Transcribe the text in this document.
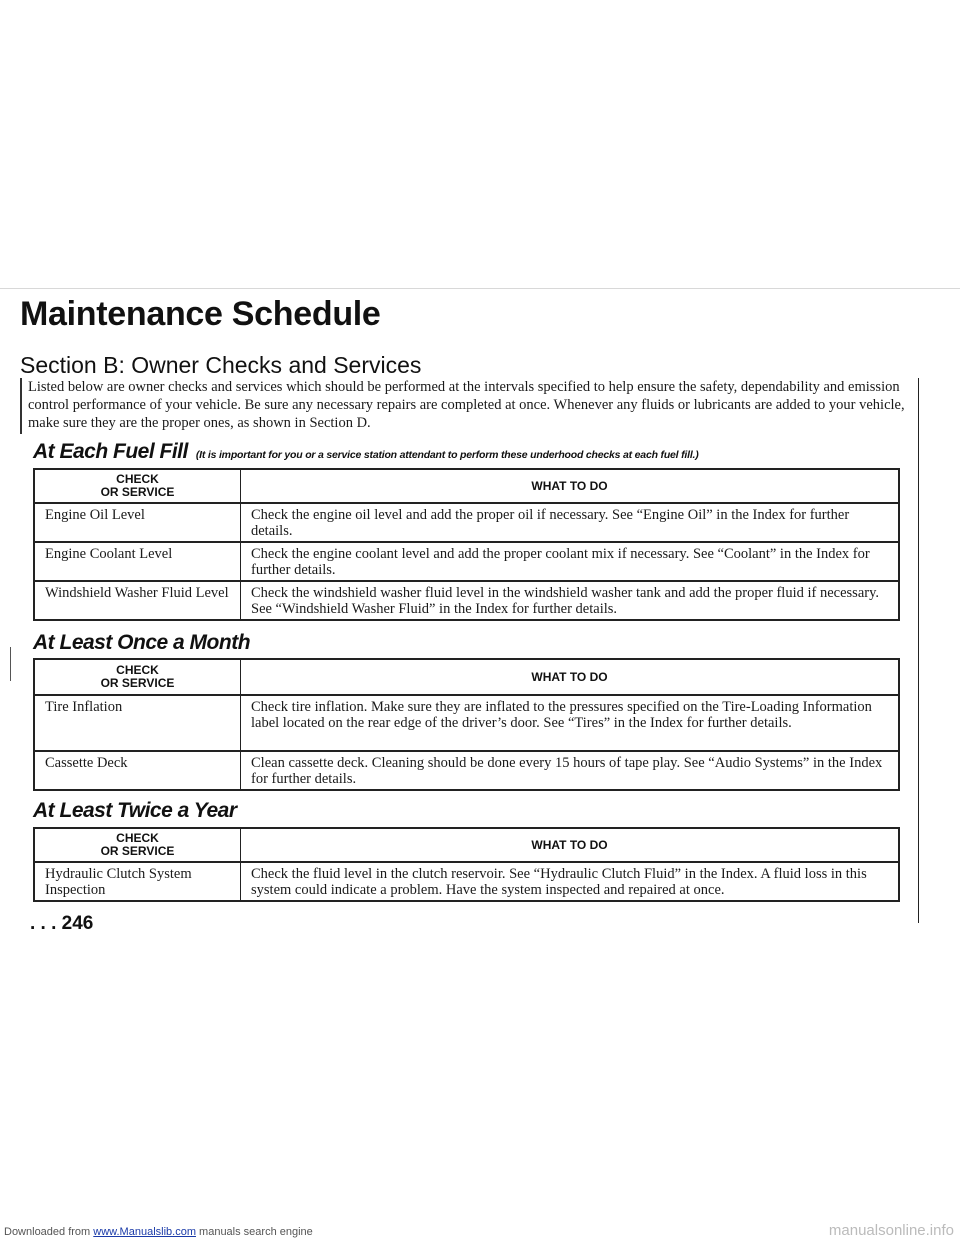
Maintenance Schedule
Section B: Owner Checks and Services

Listed below are owner checks and services which should be performed at the intervals specified to help ensure the safety, dependability and emission control performance of your vehicle. Be sure any necessary repairs are completed at once. Whenever any fluids or lubricants are added to your vehicle, make sure they are the proper ones, as shown in Section D.

At Each Fuel Fill (It is important for you or a service station attendant to perform these underhood checks at each fuel fill.)
CHECK
OR SERVICE	WHAT TO DO
Engine Oil Level	Check the engine oil level and add the proper oil if necessary. See “Engine Oil” in the Index for further details.
Engine Coolant Level	Check the engine coolant level and add the proper coolant mix if necessary. See “Coolant” in the Index for further details.
Windshield Washer Fluid Level	Check the windshield washer fluid level in the windshield washer tank and add the proper fluid if necessary. See “Windshield Washer Fluid” in the Index for further details.
At Least Once a Month
CHECK
OR SERVICE	WHAT TO DO
Tire Inflation	Check tire inflation. Make sure they are inflated to the pressures specified on the Tire-Loading Information label located on the rear edge of the driver’s door. See “Tires” in the Index for further details.
Cassette Deck	Clean cassette deck. Cleaning should be done every 15 hours of tape play. See “Audio Systems” in the Index for further details.
At Least Twice a Year
CHECK
OR SERVICE	WHAT TO DO
Hydraulic Clutch System Inspection	Check the fluid level in the clutch reservoir. See “Hydraulic Clutch Fluid” in the Index. A fluid loss in this system could indicate a problem. Have the system inspected and repaired at once.

. . . 246

Downloaded from www.Manualslib.com manuals search engine	manualsonline.info
